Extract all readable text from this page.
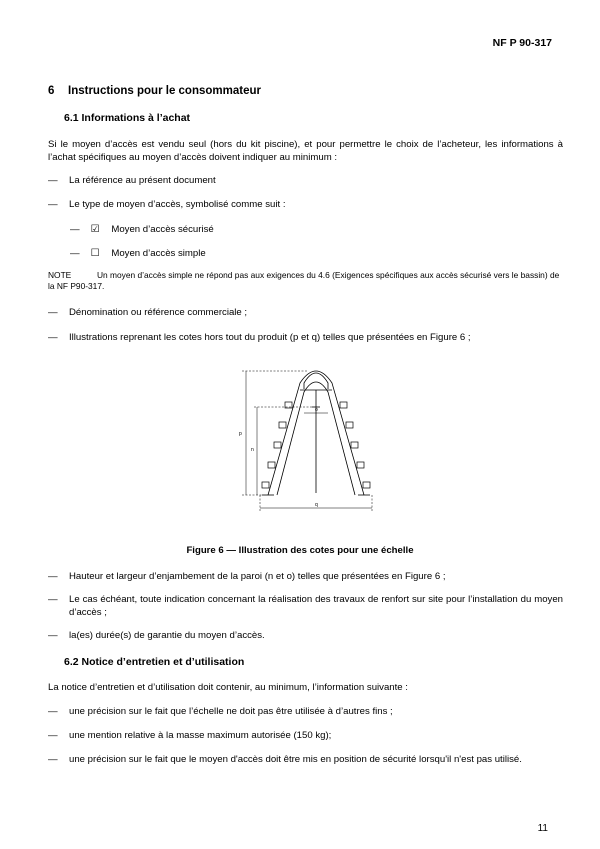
NF P 90-317
6 Instructions pour le consommateur
6.1 Informations à l’achat
Si le moyen d’accès est vendu seul (hors du kit piscine), et pour permettre le choix de l’acheteur, les informations à l’achat spécifiques au moyen d’accès doivent indiquer au minimum :
— La référence au présent document
— Le type de moyen d’accès, symbolisé comme suit :
— ☑ Moyen d’accès sécurisé
— ☐ Moyen d’accès simple
NOTE	Un moyen d’accès simple ne répond pas aux exigences du 4.6 (Exigences spécifiques aux accès sécurisé vers le bassin) de la NF P90-317.
— Dénomination ou référence commerciale ;
— Illustrations reprenant les cotes hors tout du produit (p et q) telles que présentées en Figure 6 ;
p
n
o
q
Figure 6 — Illustration des cotes pour une échelle
— Hauteur et largeur d’enjambement de la paroi (n et o) telles que présentées en Figure 6 ;
— Le cas échéant, toute indication concernant la réalisation des travaux de renfort sur site pour l’installation du moyen d’accès ;
— la(es) durée(s) de garantie du moyen d’accès.
6.2 Notice d’entretien et d’utilisation
La notice d’entretien et d’utilisation doit contenir, au minimum, l’information suivante :
— une précision sur le fait que l’échelle ne doit pas être utilisée à d’autres fins ;
— une mention relative à la masse maximum autorisée (150 kg);
— une précision sur le fait que le moyen d'accès doit être mis en position de sécurité lorsqu'il n'est pas utilisé.
11
